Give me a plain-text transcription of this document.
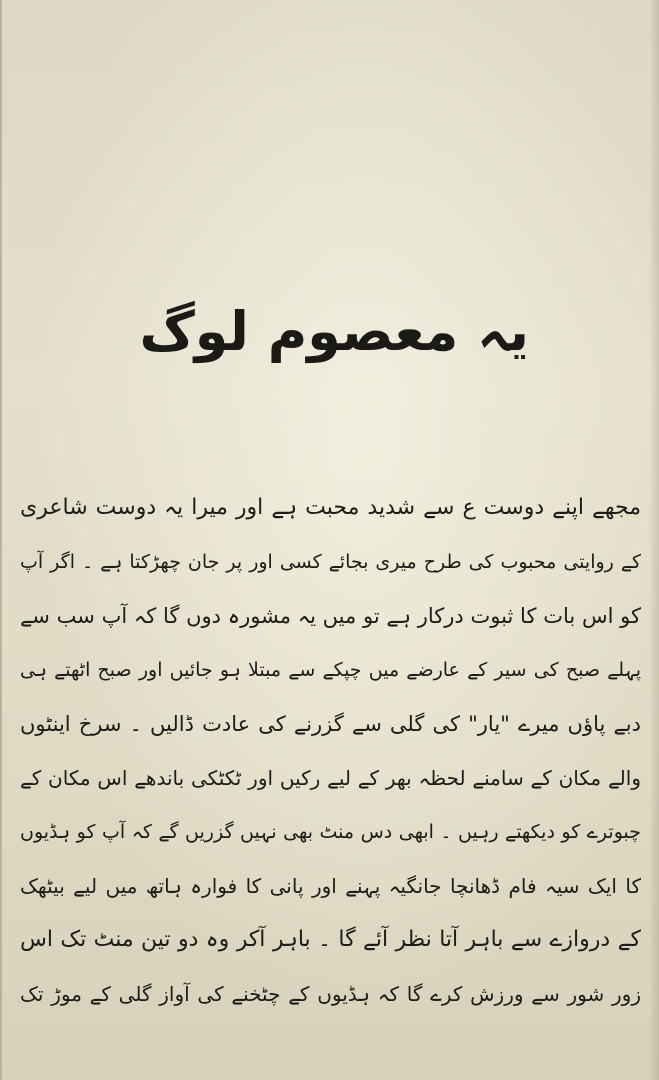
یہ معصوم لوگ
مجھے اپنے دوست ع سے شدید محبت ہے اور میرا یہ دوست شاعری
کے روایتی محبوب کی طرح میری بجائے کسی اور پر جان چھڑکتا ہے ۔ اگر آپ
کو اس بات کا ثبوت درکار ہے تو میں یہ مشورہ دوں گا کہ آپ سب سے
پہلے صبح کی سیر کے عارضے میں چپکے سے مبتلا ہو جائیں اور صبح اٹھتے ہی
دبے پاؤں میرے "یار" کی گلی سے گزرنے کی عادت ڈالیں ۔ سرخ اینٹوں
والے مکان کے سامنے لحظہ بھر کے لیے رکیں اور ٹکٹکی باندھے اس مکان کے
چبوترے کو دیکھتے رہیں ۔ ابھی دس منٹ بھی نہیں گزریں گے کہ آپ کو ہڈیوں
کا ایک سیہ فام ڈھانچا جانگیہ پہنے اور پانی کا فوارہ ہاتھ میں لیے بیٹھک
کے دروازے سے باہر آتا نظر آئے گا ۔ باہر آکر وہ دو تین منٹ تک اس
زور شور سے ورزش کرے گا کہ ہڈیوں کے چٹخنے کی آواز گلی کے موڑ تک
